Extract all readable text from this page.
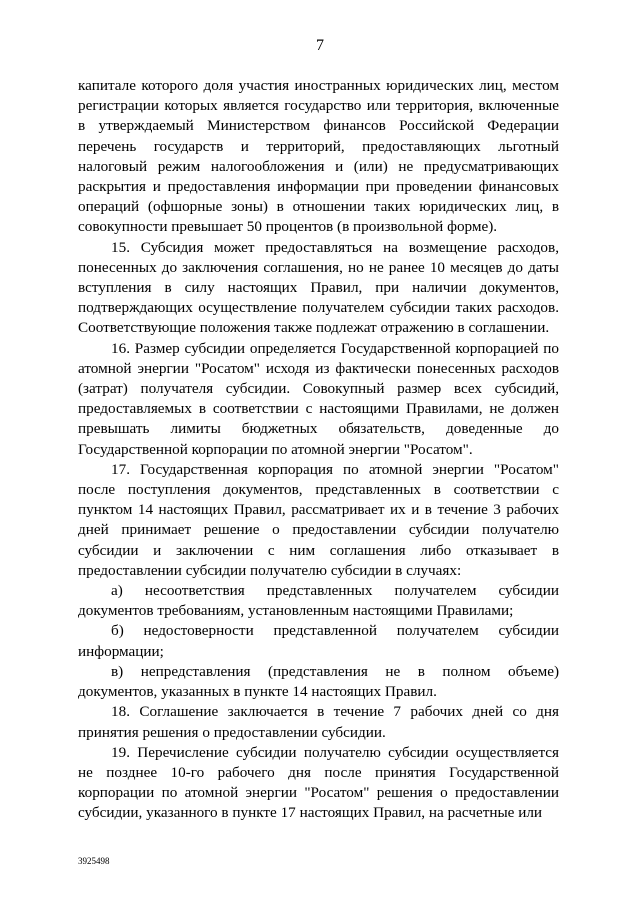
7

капитале которого доля участия иностранных юридических лиц, местом регистрации которых является государство или территория, включенные в утверждаемый Министерством финансов Российской Федерации перечень государств и территорий, предоставляющих льготный налоговый режим налогообложения и (или) не предусматривающих раскрытия и предоставления информации при проведении финансовых операций (офшорные зоны) в отношении таких юридических лиц, в совокупности превышает 50 процентов (в произвольной форме).

15. Субсидия может предоставляться на возмещение расходов, понесенных до заключения соглашения, но не ранее 10 месяцев до даты вступления в силу настоящих Правил, при наличии документов, подтверждающих осуществление получателем субсидии таких расходов. Соответствующие положения также подлежат отражению в соглашении.

16. Размер субсидии определяется Государственной корпорацией по атомной энергии "Росатом" исходя из фактически понесенных расходов (затрат) получателя субсидии. Совокупный размер всех субсидий, предоставляемых в соответствии с настоящими Правилами, не должен превышать лимиты бюджетных обязательств, доведенные до Государственной корпорации по атомной энергии "Росатом".

17. Государственная корпорация по атомной энергии "Росатом" после поступления документов, представленных в соответствии с пунктом 14 настоящих Правил, рассматривает их и в течение 3 рабочих дней принимает решение о предоставлении субсидии получателю субсидии и заключении с ним соглашения либо отказывает в предоставлении субсидии получателю субсидии в случаях:

а) несоответствия представленных получателем субсидии документов требованиям, установленным настоящими Правилами;

б) недостоверности представленной получателем субсидии информации;

в) непредставления (представления не в полном объеме) документов, указанных в пункте 14 настоящих Правил.

18. Соглашение заключается в течение 7 рабочих дней со дня принятия решения о предоставлении субсидии.

19. Перечисление субсидии получателю субсидии осуществляется не позднее 10-го рабочего дня после принятия Государственной корпорации по атомной энергии "Росатом" решения о предоставлении субсидии, указанного в пункте 17 настоящих Правил, на расчетные или

3925498
